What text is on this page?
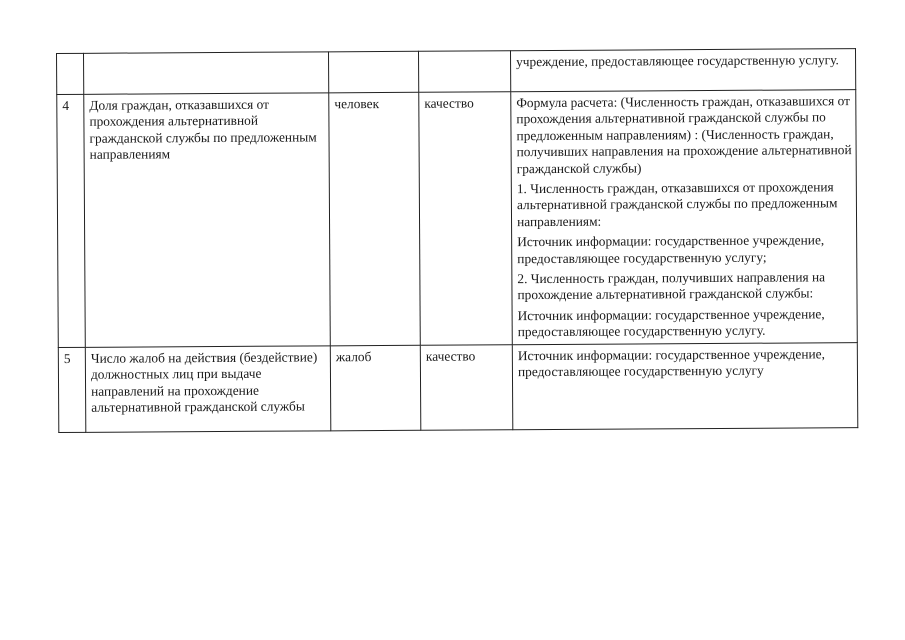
				учреждение, предоставляющее государственную услугу.

4	Доля граждан, отказавшихся от прохождения альтернативной гражданской службы по предложенным направлениям	человек	качество	Формула расчета: (Численность граждан, отказавшихся от прохождения альтернативной гражданской службы по предложенным направлениям) : (Численность граждан, получивших направления на прохождение альтернативной гражданской службы)
1. Численность граждан, отказавшихся от прохождения альтернативной гражданской службы по предложенным направлениям:
Источник информации: государственное учреждение, предоставляющее государственную услугу;
2. Численность граждан, получивших направления на прохождение альтернативной гражданской службы:
Источник информации: государственное учреждение, предоставляющее государственную услугу.

5	Число жалоб на действия (бездействие) должностных лиц при выдаче направлений на прохождение альтернативной гражданской службы	жалоб	качество	Источник информации: государственное учреждение, предоставляющее государственную услугу
